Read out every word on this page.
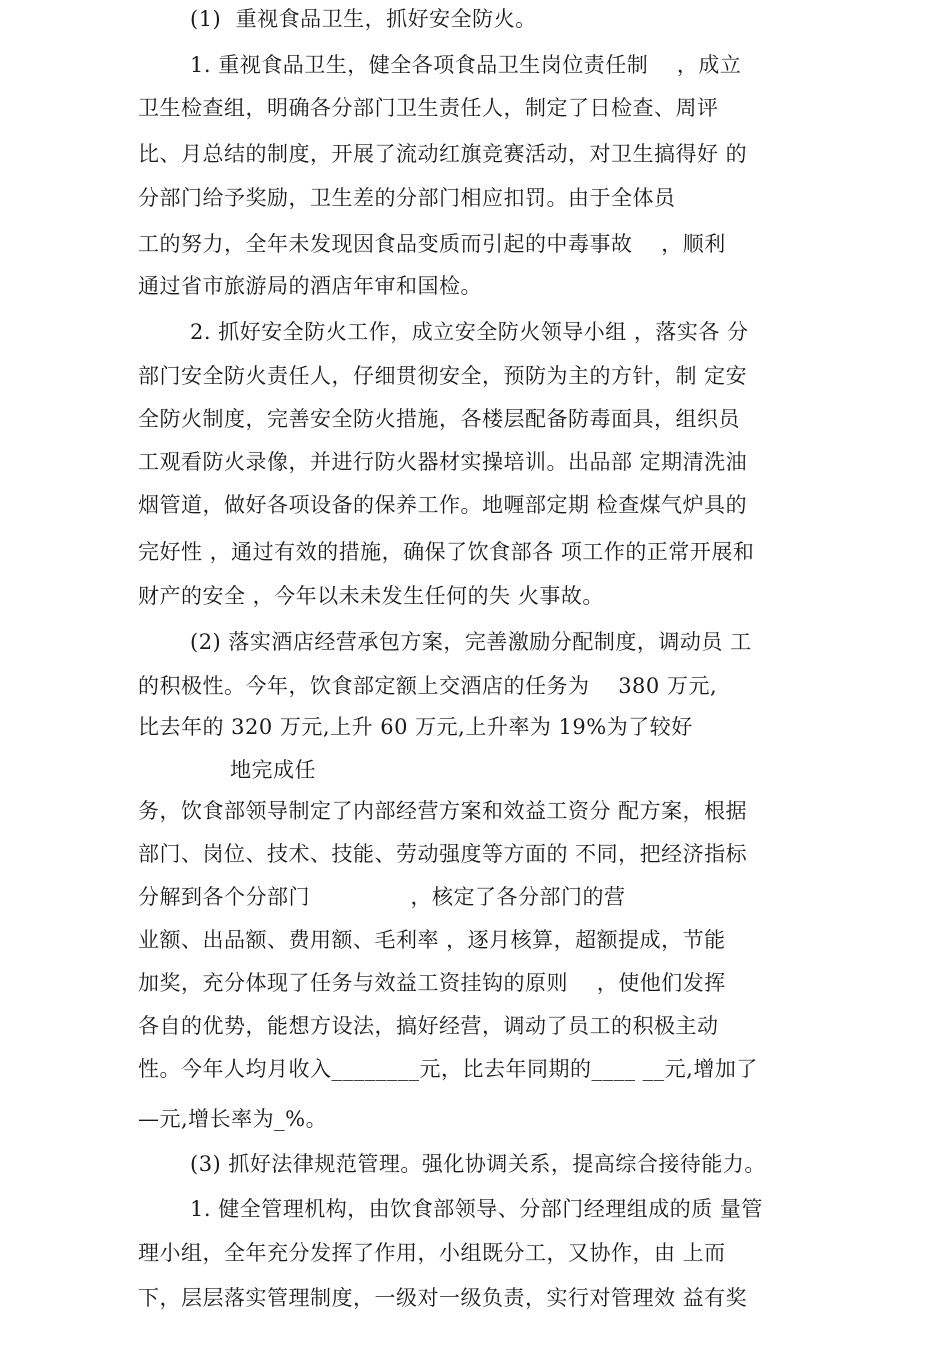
(1)  重视食品卫生，抓好安全防火。
1. 重视食品卫生，健全各项食品卫生岗位责任制    ，成立
卫生检查组，明确各分部门卫生责任人，制定了日检查、周评
比、月总结的制度，开展了流动红旗竞赛活动，对卫生搞得好 的
分部门给予奖励，卫生差的分部门相应扣罚。由于全体员
工的努力，全年未发现因食品变质而引起的中毒事故    ，顺利
通过省市旅游局的酒店年审和国检。
2. 抓好安全防火工作，成立安全防火领导小组 ，落实各 分
部门安全防火责任人，仔细贯彻安全，预防为主的方针，制 定安
全防火制度，完善安全防火措施，各楼层配备防毒面具，组织员
工观看防火录像，并进行防火器材实操培训。出品部 定期清洗油
烟管道，做好各项设备的保养工作。地喱部定期 检查煤气炉具的
完好性 ，通过有效的措施，确保了饮食部各 项工作的正常开展和
财产的安全 ，今年以未未发生任何的失 火事故。
(2) 落实酒店经营承包方案，完善激励分配制度，调动员 工
的积极性。今年，饮食部定额上交酒店的任务为    380 万元,
比去年的 320 万元,上升 60 万元,上升率为 19%为了较好
地完成任
务，饮食部领导制定了内部经营方案和效益工资分 配方案，根据
部门、岗位、技术、技能、劳动强度等方面的 不同，把经济指标
分解到各个分部门              ，核定了各分部门的营
业额、出品额、费用额、毛利率 ，逐月核算，超额提成，节能
加奖，充分体现了任务与效益工资挂钩的原则    ，使他们发挥
各自的优势，能想方设法，搞好经营，调动了员工的积极主动
性。今年人均月收入________元，比去年同期的____ __元,增加了
—元,增长率为_%。
(3) 抓好法律规范管理。强化协调关系，提高综合接待能力。
1. 健全管理机构，由饮食部领导、分部门经理组成的质 量管
理小组，全年充分发挥了作用，小组既分工，又协作，由 上而
下，层层落实管理制度，一级对一级负责，实行对管理效 益有奖
